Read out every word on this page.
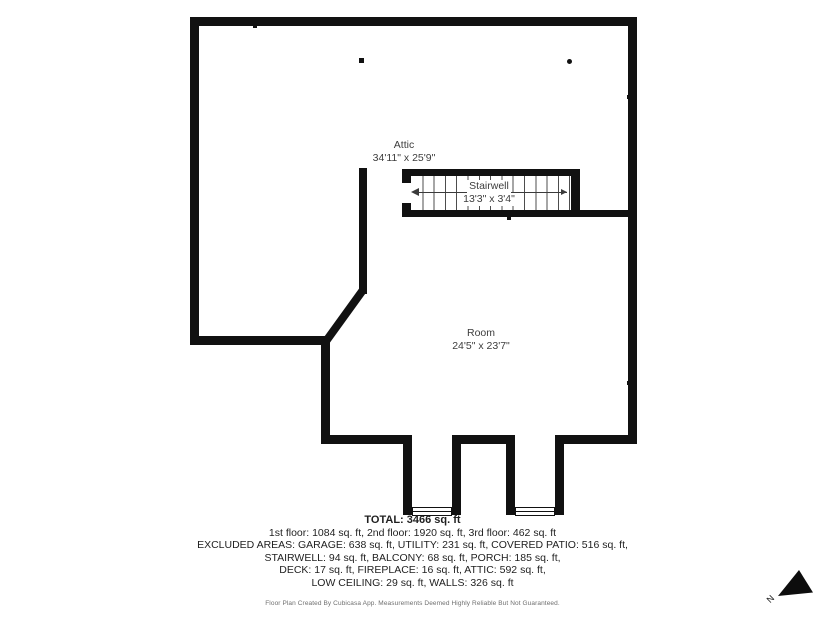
N
Attic
34'11" x 25'9"
Stairwell
13'3" x 3'4"
Room
24'5" x 23'7"
TOTAL: 3466 sq. ft
1st floor: 1084 sq. ft, 2nd floor: 1920 sq. ft, 3rd floor: 462 sq. ft
EXCLUDED AREAS: GARAGE: 638 sq. ft, UTILITY: 231 sq. ft, COVERED PATIO: 516 sq. ft,
STAIRWELL: 94 sq. ft, BALCONY: 68 sq. ft, PORCH: 185 sq. ft,
DECK: 17 sq. ft, FIREPLACE: 16 sq. ft, ATTIC: 592 sq. ft,
LOW CEILING: 29 sq. ft, WALLS: 326 sq. ft
Floor Plan Created By Cubicasa App. Measurements Deemed Highly Reliable But Not Guaranteed.
